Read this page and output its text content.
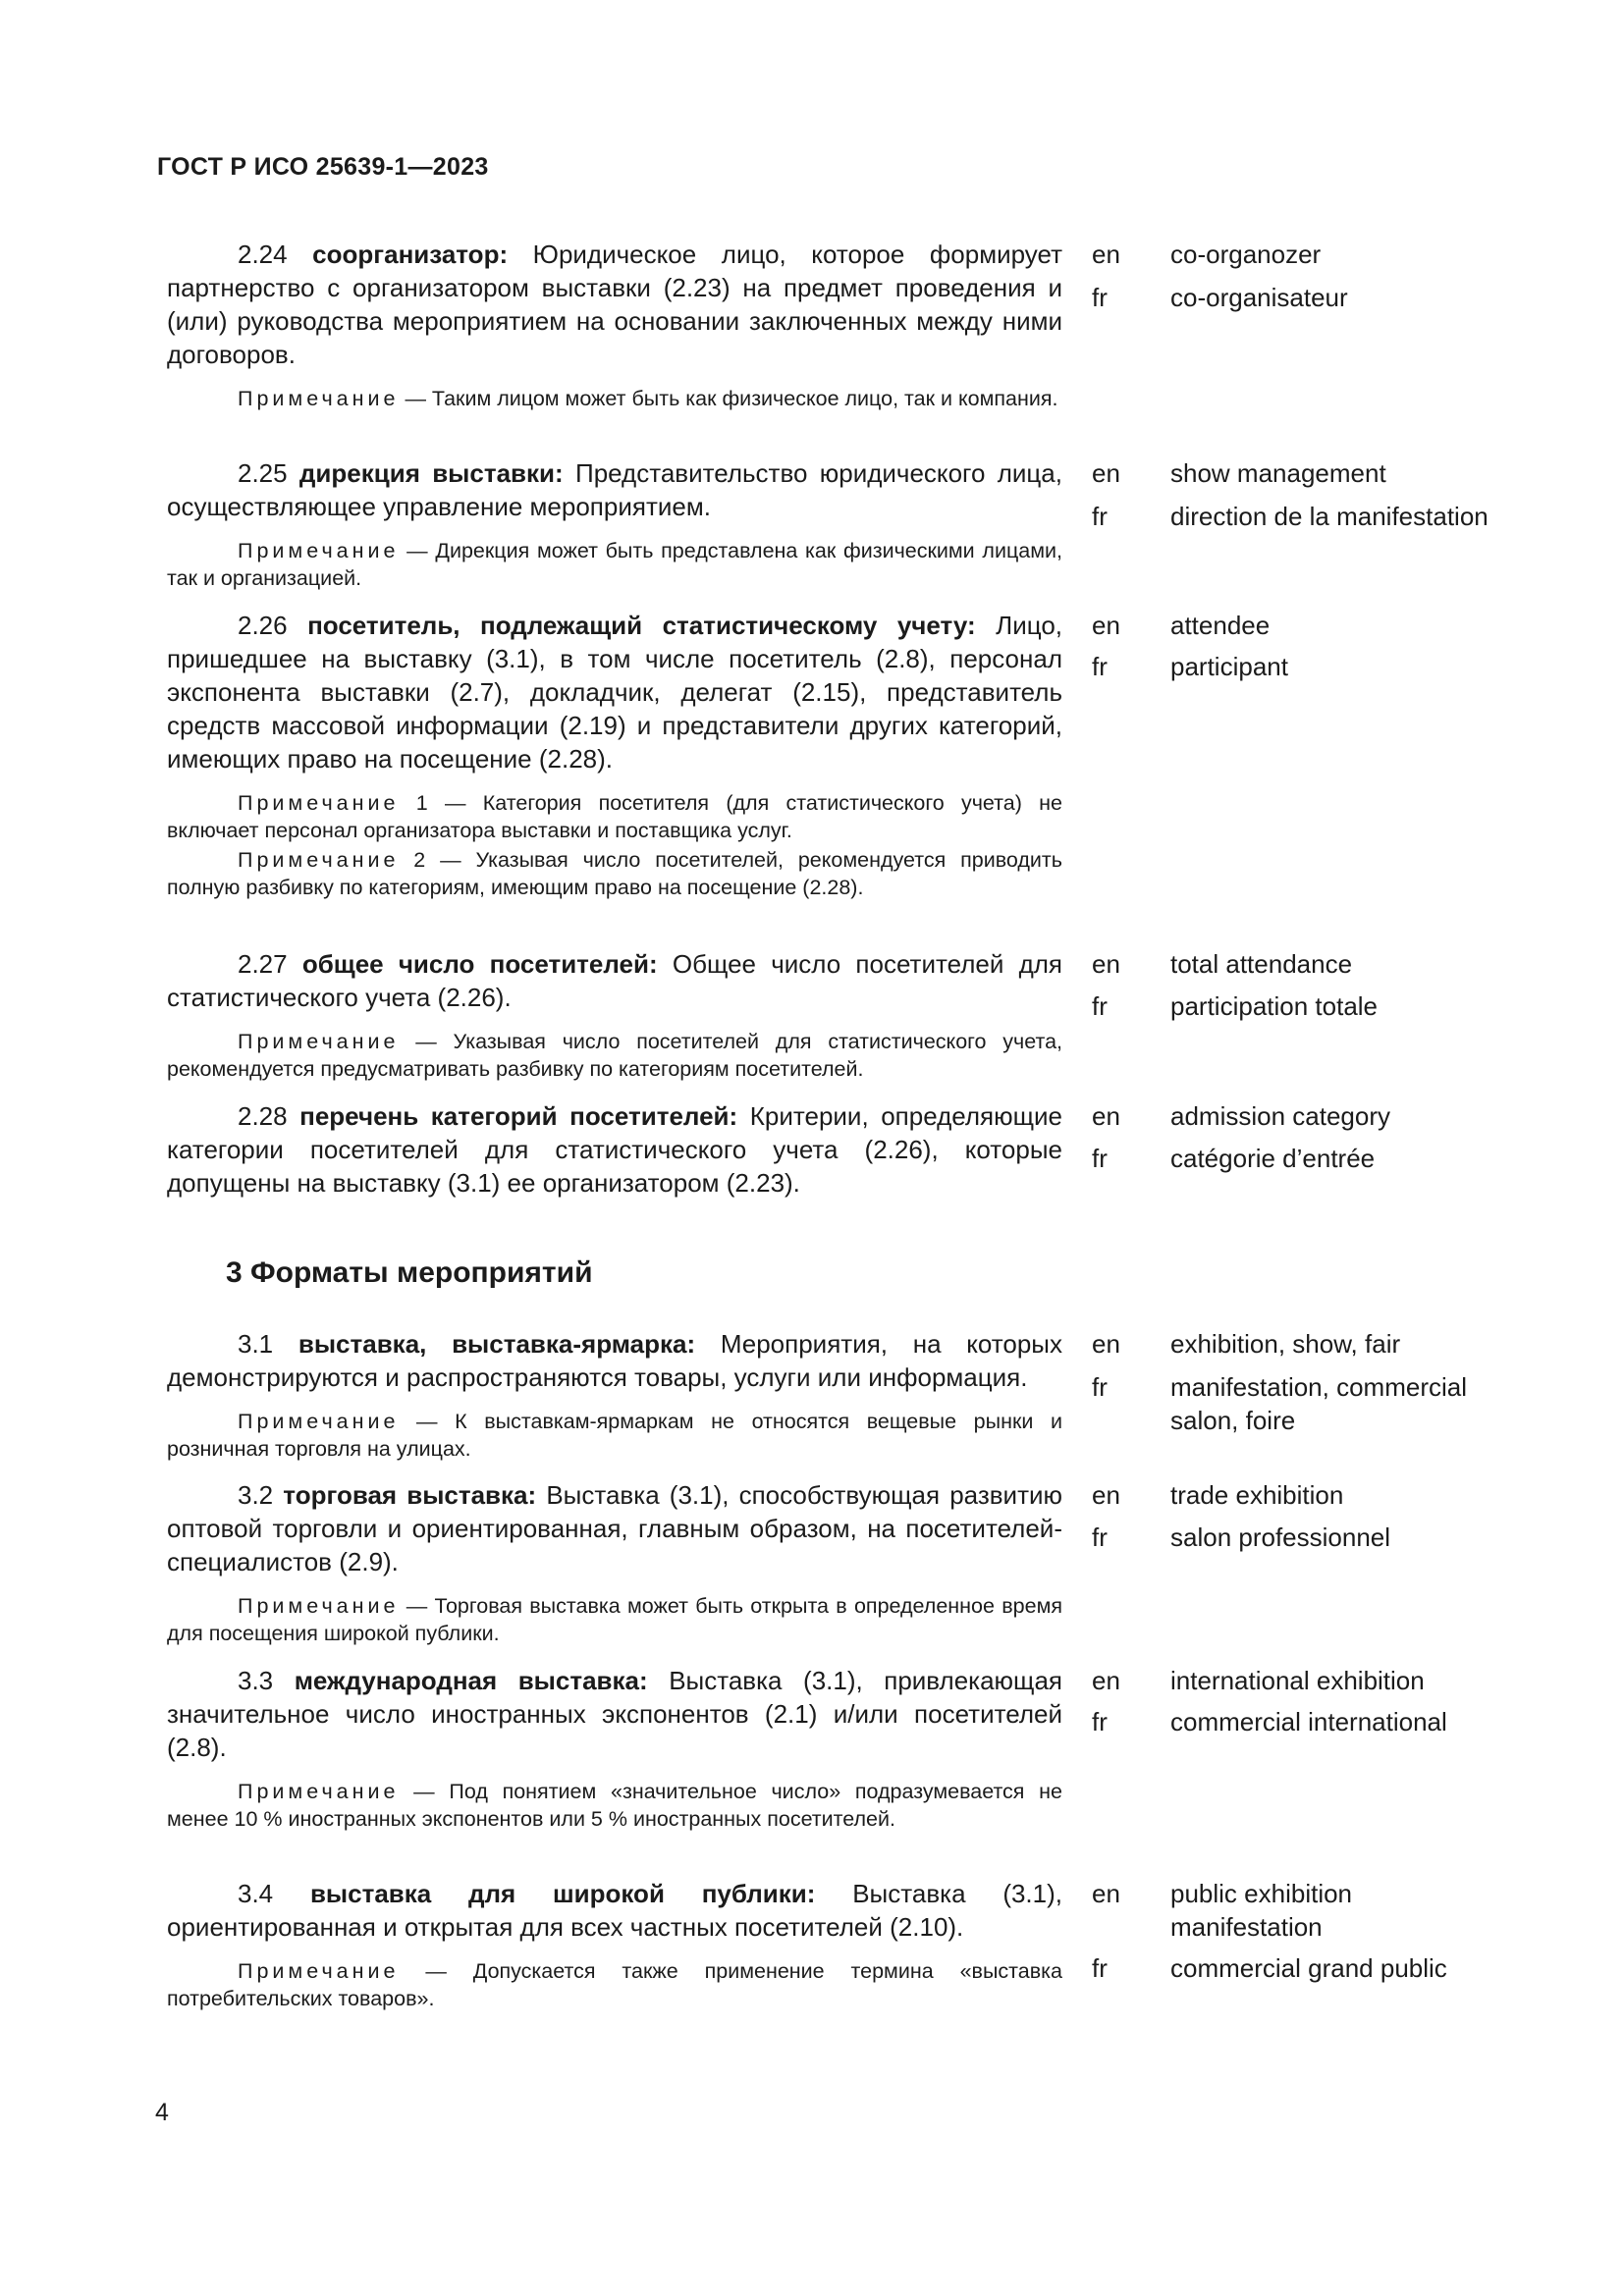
ГОСТ Р ИСО 25639-1—2023

2.24 соорганизатор: Юридическое лицо, которое формирует партнерство с организатором выставки (2.23) на предмет проведения и (или) руководства мероприятием на основании заключенных между ними договоров.

Примечание — Таким лицом может быть как физическое лицо, так и компания.

en co-organozer
fr co-organisateur

2.25 дирекция выставки: Представительство юридического лица, осуществляющее управление мероприятием.

Примечание — Дирекция может быть представлена как физическими лицами, так и организацией.

en show management
fr direction de la manifestation

2.26 посетитель, подлежащий статистическому учету: Лицо, пришедшее на выставку (3.1), в том числе посетитель (2.8), персонал экспонента выставки (2.7), докладчик, делегат (2.15), представитель средств массовой информации (2.19) и представители других категорий, имеющих право на посещение (2.28).

Примечание 1 — Категория посетителя (для статистического учета) не включает персонал организатора выставки и поставщика услуг.

Примечание 2 — Указывая число посетителей, рекомендуется приводить полную разбивку по категориям, имеющим право на посещение (2.28).

en attendee
fr participant

2.27 общее число посетителей: Общее число посетителей для статистического учета (2.26).

Примечание — Указывая число посетителей для статистического учета, рекомендуется предусматривать разбивку по категориям посетителей.

en total attendance
fr participation totale

2.28 перечень категорий посетителей: Критерии, определяющие категории посетителей для статистического учета (2.26), которые допущены на выставку (3.1) ее организатором (2.23).

en admission category
fr catégorie d’entrée
3 Форматы мероприятий

3.1 выставка, выставка-ярмарка: Мероприятия, на которых демонстрируются и распространяются товары, услуги или информация.

Примечание — К выставкам-ярмаркам не относятся вещевые рынки и розничная торговля на улицах.

en exhibition, show, fair
fr manifestation, commercial salon, foire

3.2 торговая выставка: Выставка (3.1), способствующая развитию оптовой торговли и ориентированная, главным образом, на посетителей-специалистов (2.9).

Примечание — Торговая выставка может быть открыта в определенное время для посещения широкой публики.

en trade exhibition
fr salon professionnel

3.3 международная выставка: Выставка (3.1), привлекающая значительное число иностранных экспонентов (2.1) и/или посетителей (2.8).

Примечание — Под понятием «значительное число» подразумевается не менее 10 % иностранных экспонентов или 5 % иностранных посетителей.

en international exhibition
fr commercial international

3.4 выставка для широкой публики: Выставка (3.1), ориентированная и открытая для всех частных посетителей (2.10).

Примечание — Допускается также применение термина «выставка потребительских товаров».

en public exhibition manifestation
fr commercial grand public
4
